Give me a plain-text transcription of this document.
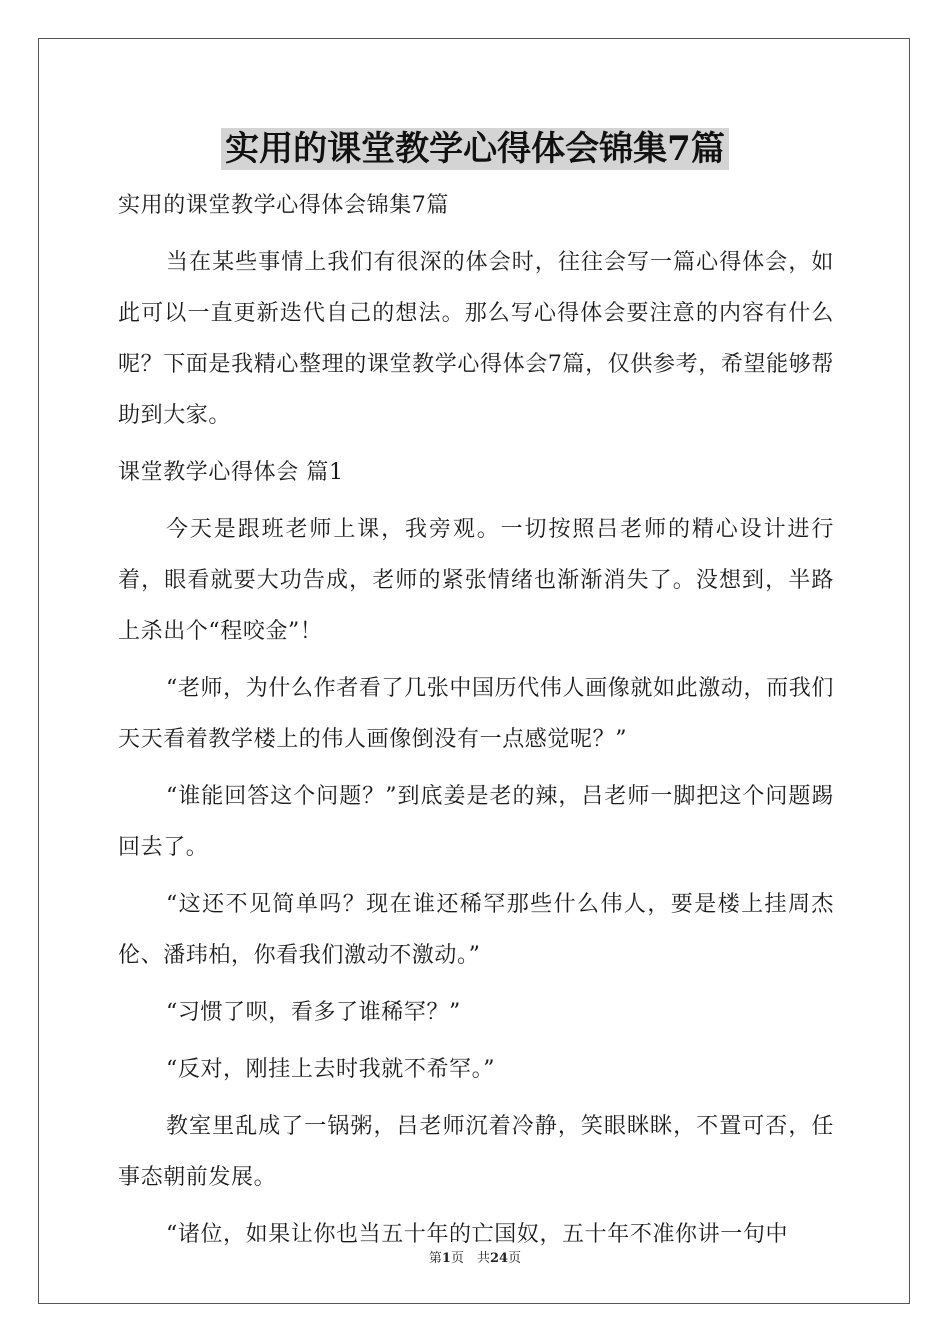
实用的课堂教学心得体会锦集7篇

实用的课堂教学心得体会锦集7篇

当在某些事情上我们有很深的体会时，往往会写一篇心得体会，如此可以一直更新迭代自己的想法。那么写心得体会要注意的内容有什么呢？下面是我精心整理的课堂教学心得体会7篇，仅供参考，希望能够帮助到大家。

课堂教学心得体会 篇1

今天是跟班老师上课，我旁观。一切按照吕老师的精心设计进行着，眼看就要大功告成，老师的紧张情绪也渐渐消失了。没想到，半路上杀出个“程咬金”！

“老师，为什么作者看了几张中国历代伟人画像就如此激动，而我们天天看着教学楼上的伟人画像倒没有一点感觉呢？”

“谁能回答这个问题？”到底姜是老的辣，吕老师一脚把这个问题踢回去了。

“这还不见简单吗？现在谁还稀罕那些什么伟人，要是楼上挂周杰伦、潘玮柏，你看我们激动不激动。”

“习惯了呗，看多了谁稀罕？”

“反对，刚挂上去时我就不希罕。”

教室里乱成了一锅粥，吕老师沉着冷静，笑眼眯眯，不置可否，任事态朝前发展。

“诸位，如果让你也当五十年的亡国奴，五十年不准你讲一句中

第1页　共24页
